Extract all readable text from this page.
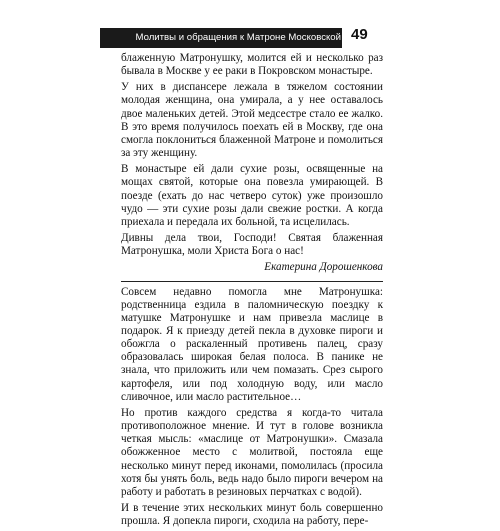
Молитвы и обращения к Матроне Московской 49

блаженную Матронушку, молится ей и несколько раз бывала в Москве у ее раки в Покровском монастыре.

У них в диспансере лежала в тяжелом состоянии молодая женщина, она умирала, а у нее оставалось двое маленьких детей. Этой медсестре стало ее жалко. В это время получилось поехать ей в Москву, где она смогла поклониться блаженной Матроне и помолиться за эту женщину.

В монастыре ей дали сухие розы, освященные на мощах святой, которые она повезла умирающей. В поезде (ехать до нас четверо суток) уже произошло чудо — эти сухие розы дали свежие ростки. А когда приехала и передала их больной, та исцелилась.

Дивны дела твои, Господи! Святая блаженная Матронушка, моли Христа Бога о нас!

Екатерина Дорошенкова

Совсем недавно помогла мне Матронушка: родственница ездила в паломническую поездку к матушке Матронушке и нам привезла маслице в подарок. Я к приезду детей пекла в духовке пироги и обожгла о раскаленный противень палец, сразу образовалась широкая белая полоса. В панике не знала, что приложить или чем помазать. Срез сырого картофеля, или под холодную воду, или масло сливочное, или масло растительное…

Но против каждого средства я когда-то читала противоположное мнение. И тут в голове возникла четкая мысль: «маслице от Матронушки». Смазала обожженное место с молитвой, постояла еще несколько минут перед иконами, помолилась (просила хотя бы унять боль, ведь надо было пироги вечером на работу и работать в резиновых перчатках с водой).

И в течение этих нескольких минут боль совершенно прошла. Я допекла пироги, сходила на работу, пере-
